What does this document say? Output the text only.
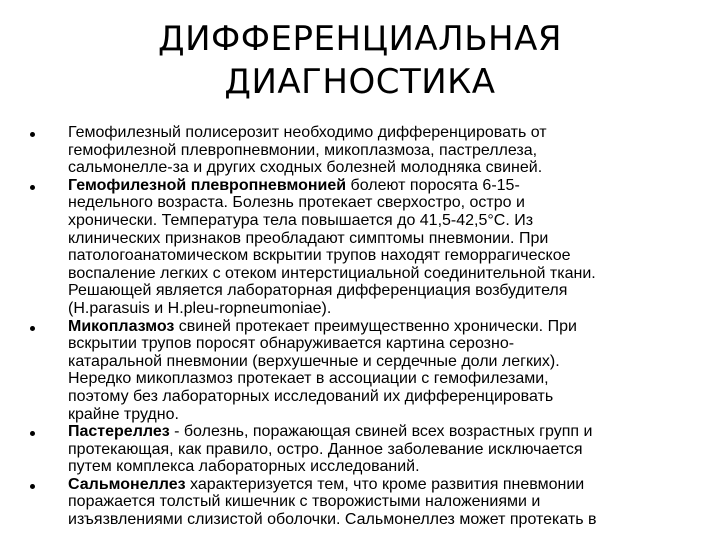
ДИФФЕРЕНЦИАЛЬНАЯ
ДИАГНОСТИКА
Гемофилезный полисерозит необходимо дифференцировать от
гемофилезной плевропневмонии, микоплазмоза, пастреллеза,
сальмонелле-за и других сходных болезней молодняка свиней.
Гемофилезной плевропневмонией болеют поросята 6-15-
недельного возраста. Болезнь протекает сверхостро, остро и
хронически. Температура тела повышается до 41,5-42,5°С. Из
клинических признаков преобладают симптомы пневмонии. При
патологоанатомическом вскрытии трупов находят геморрагическое
воспаление легких с отеком интерстициальной соединительной ткани.
Решающей является лабораторная дифференциация возбудителя
(H.parasuis и H.pleu-ropneumoniae).
Микоплазмоз свиней протекает преимущественно хронически. При
вскрытии трупов поросят обнаруживается картина серозно-
катаральной пневмонии (верхушечные и сердечные доли легких).
Нередко микоплазмоз протекает в ассоциации с гемофилезами,
поэтому без лабораторных исследований их дифференцировать
крайне трудно.
Пастереллез - болезнь, поражающая свиней всех возрастных групп и
протекающая, как правило, остро. Данное заболевание исключается
путем комплекса лабораторных исследований.
Сальмонеллез характеризуется тем, что кроме развития пневмонии
поражается толстый кишечник с творожистыми наложениями и
изъязвлениями слизистой оболочки. Сальмонеллез может протекать в
